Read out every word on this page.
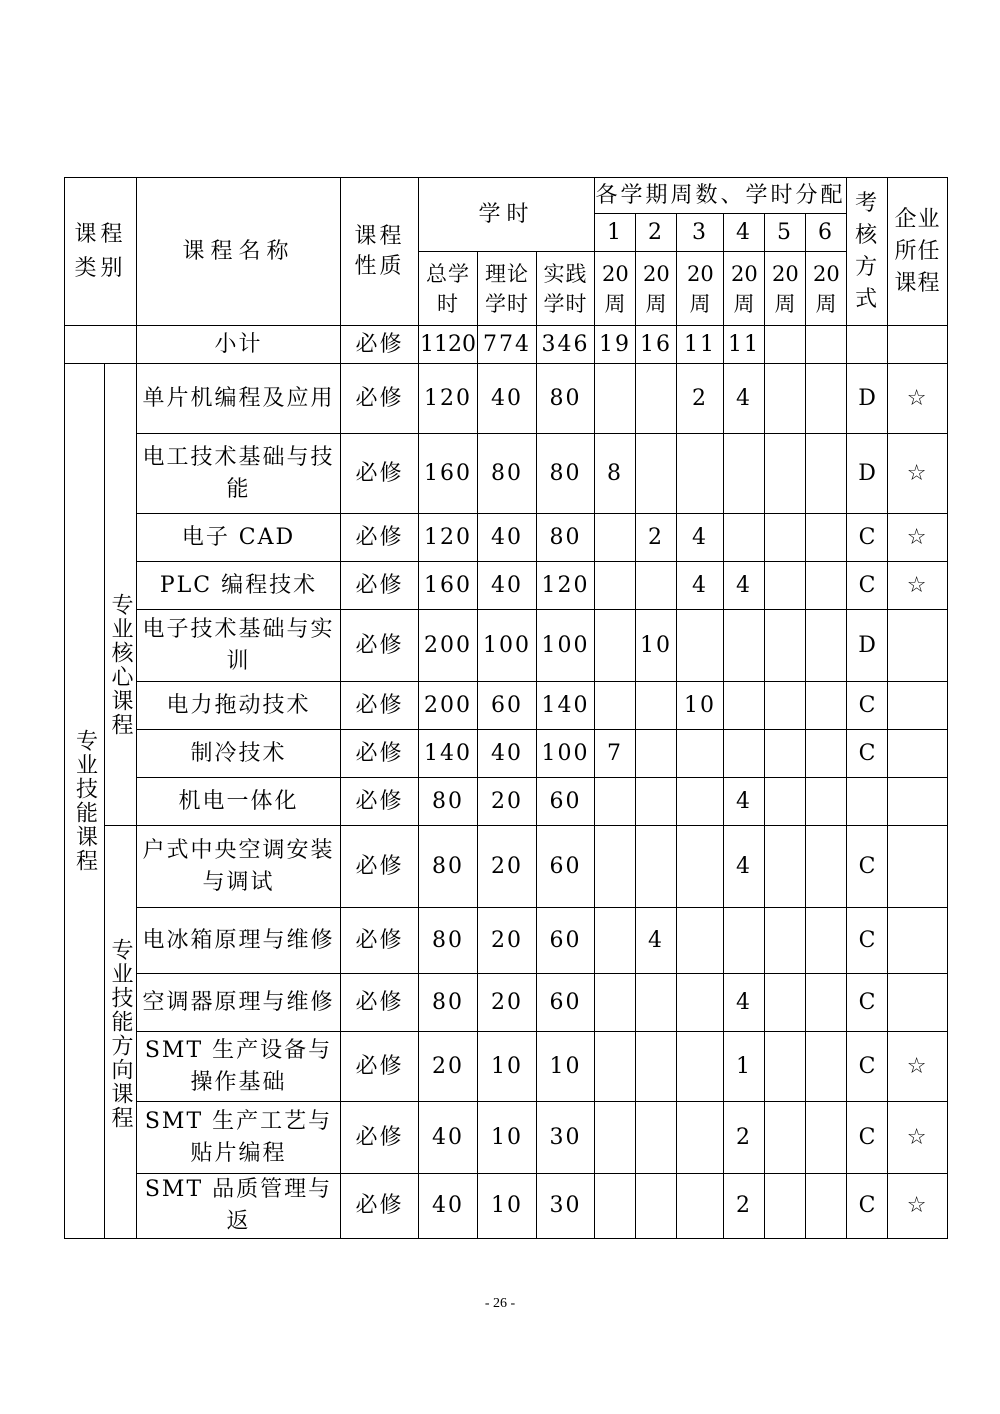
课程类别		课程名称	课程性质	学时			各学期周数、学时分配						考核方式	企业所任课程

							1	2	3	4	5	6		

				总学时	理论学时	实践学时	20周	20周	20周	20周	20周	20周		

		小计	必修	1120	774	346	19	16	11	11				
专业技能课程	专业核心课程	单片机编程及应用	必修	120	40	80			2	4			D	☆
		电工技术基础与技能	必修	160	80	80	8						D	☆
		电子 CAD	必修	120	40	80		2	4				C	☆
		PLC 编程技术	必修	160	40	120			4	4			C	☆
		电子技术基础与实训	必修	200	100	100		10					D	
		电力拖动技术	必修	200	60	140			10				C	
		制冷技术	必修	140	40	100	7						C	
		机电一体化	必修	80	20	60				4				
	专业技能方向课程	户式中央空调安装与调试	必修	80	20	60				4			C	
		电冰箱原理与维修	必修	80	20	60		4					C	
		空调器原理与维修	必修	80	20	60				4			C	
		SMT 生产设备与操作基础	必修	20	10	10				1			C	☆
		SMT 生产工艺与贴片编程	必修	40	10	30				2			C	☆
		SMT 品质管理与返	必修	40	10	30				2			C	☆
- 26 -
